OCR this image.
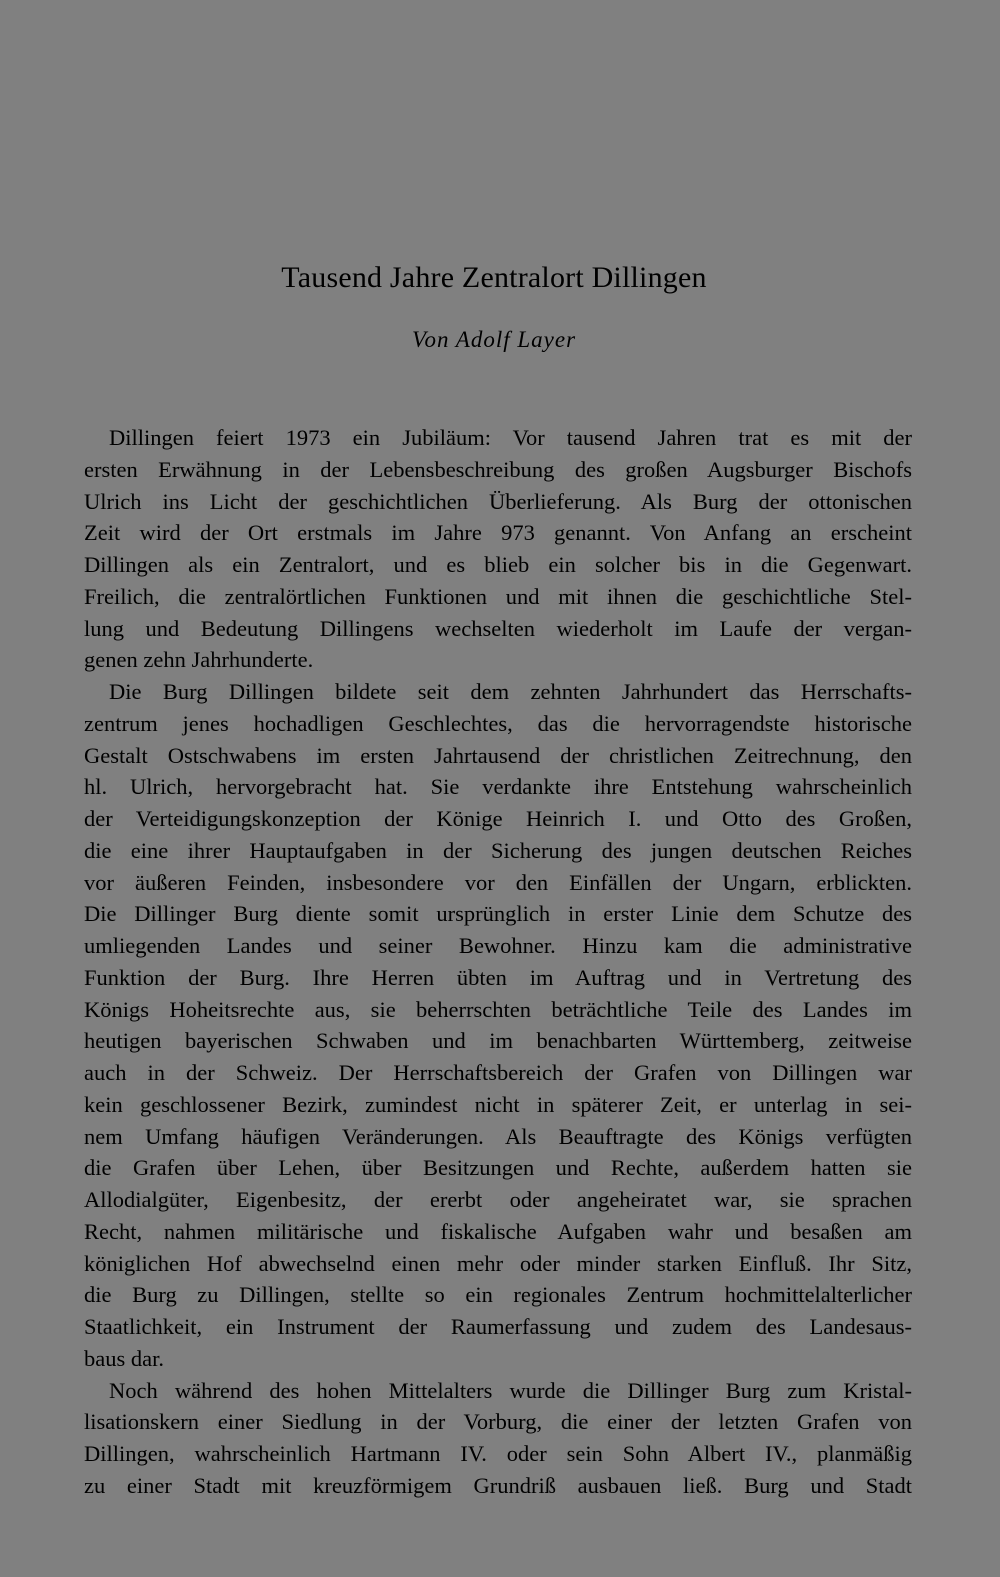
Tausend Jahre Zentralort Dillingen
Von Adolf Layer
Dillingen feiert 1973 ein Jubiläum: Vor tausend Jahren trat es mit der
ersten Erwähnung in der Lebensbeschreibung des großen Augsburger Bischofs
Ulrich ins Licht der geschichtlichen Überlieferung. Als Burg der ottonischen
Zeit wird der Ort erstmals im Jahre 973 genannt. Von Anfang an erscheint
Dillingen als ein Zentralort, und es blieb ein solcher bis in die Gegenwart.
Freilich, die zentralörtlichen Funktionen und mit ihnen die geschichtliche Stel-
lung und Bedeutung Dillingens wechselten wiederholt im Laufe der vergan-
genen zehn Jahrhunderte.
Die Burg Dillingen bildete seit dem zehnten Jahrhundert das Herrschafts-
zentrum jenes hochadligen Geschlechtes, das die hervorragendste historische
Gestalt Ostschwabens im ersten Jahrtausend der christlichen Zeitrechnung, den
hl. Ulrich, hervorgebracht hat. Sie verdankte ihre Entstehung wahrscheinlich
der Verteidigungskonzeption der Könige Heinrich I. und Otto des Großen,
die eine ihrer Hauptaufgaben in der Sicherung des jungen deutschen Reiches
vor äußeren Feinden, insbesondere vor den Einfällen der Ungarn, erblickten.
Die Dillinger Burg diente somit ursprünglich in erster Linie dem Schutze des
umliegenden Landes und seiner Bewohner. Hinzu kam die administrative
Funktion der Burg. Ihre Herren übten im Auftrag und in Vertretung des
Königs Hoheitsrechte aus, sie beherrschten beträchtliche Teile des Landes im
heutigen bayerischen Schwaben und im benachbarten Württemberg, zeitweise
auch in der Schweiz. Der Herrschaftsbereich der Grafen von Dillingen war
kein geschlossener Bezirk, zumindest nicht in späterer Zeit, er unterlag in sei-
nem Umfang häufigen Veränderungen. Als Beauftragte des Königs verfügten
die Grafen über Lehen, über Besitzungen und Rechte, außerdem hatten sie
Allodialgüter, Eigenbesitz, der ererbt oder angeheiratet war, sie sprachen
Recht, nahmen militärische und fiskalische Aufgaben wahr und besaßen am
königlichen Hof abwechselnd einen mehr oder minder starken Einfluß. Ihr Sitz,
die Burg zu Dillingen, stellte so ein regionales Zentrum hochmittelalterlicher
Staatlichkeit, ein Instrument der Raumerfassung und zudem des Landesaus-
baus dar.
Noch während des hohen Mittelalters wurde die Dillinger Burg zum Kristal-
lisationskern einer Siedlung in der Vorburg, die einer der letzten Grafen von
Dillingen, wahrscheinlich Hartmann IV. oder sein Sohn Albert IV., planmäßig
zu einer Stadt mit kreuzförmigem Grundriß ausbauen ließ. Burg und Stadt
